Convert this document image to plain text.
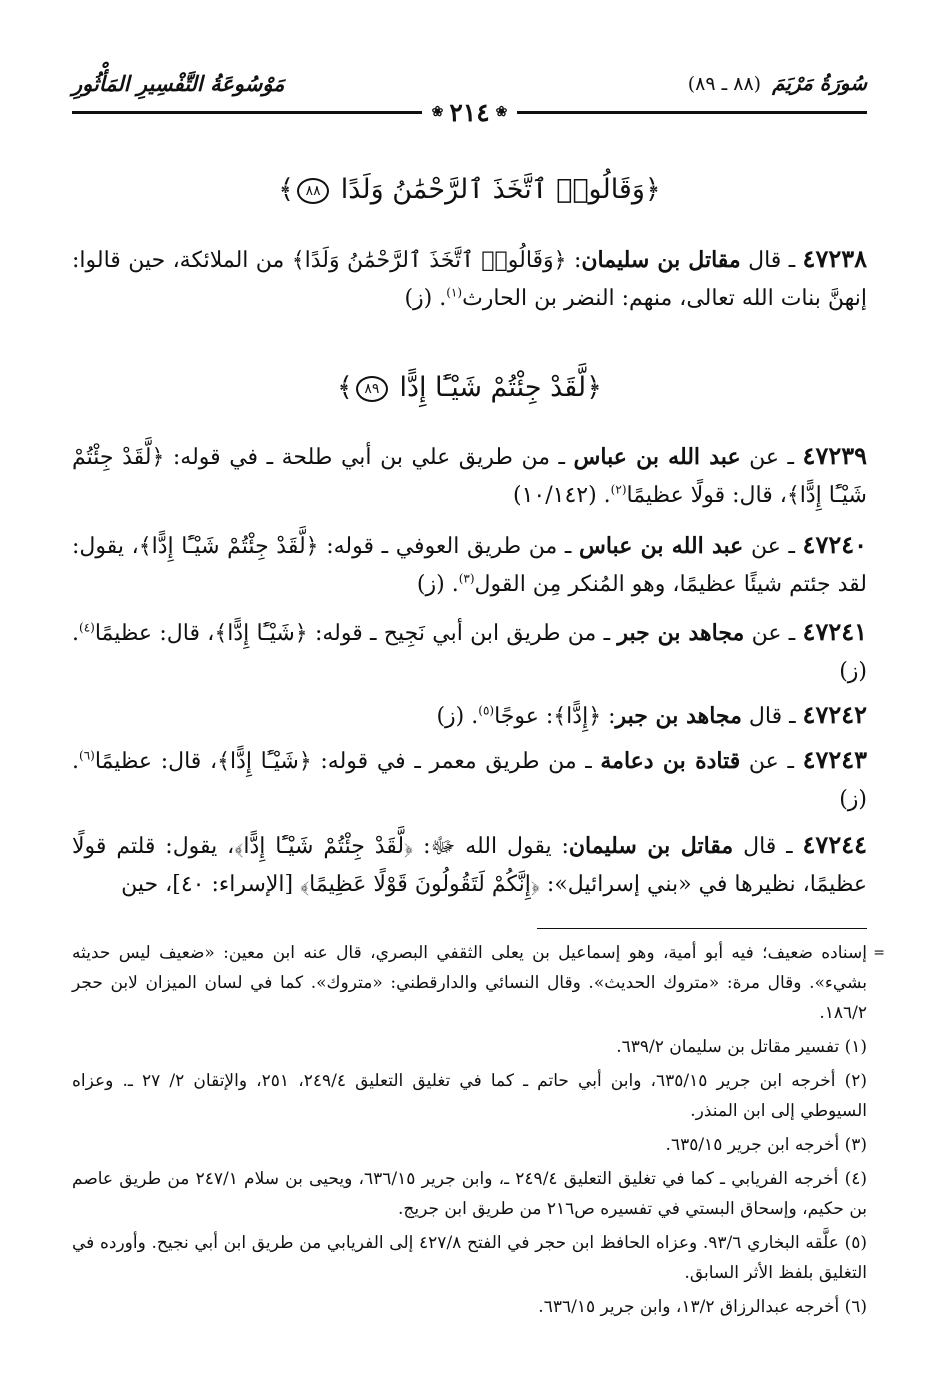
سُورَةُ مَرْيَمَ (٨٨ ـ ٨٩)
مَوْسُوعَةُ التَّفْسِيرِ المَأْثُورِ
❀
٢١٤
❀
﴿وَقَالُوا۟ ٱتَّخَذَ ٱلرَّحْمَٰنُ وَلَدًا ٨٨﴾
٤٧٢٣٨ ـ قال مقاتل بن سليمان: ﴿وَقَالُوا۟ ٱتَّخَذَ ٱلرَّحْمَٰنُ وَلَدًا﴾ من الملائكة، حين قالوا: إنهنَّ بنات الله تعالى، منهم: النضر بن الحارث$^{(١)}$. (ز)
﴿لَّقَدْ جِئْتُمْ شَيْـًٔا إِدًّا ٨٩﴾
٤٧٢٣٩ ـ عن عبد الله بن عباس ـ من طريق علي بن أبي طلحة ـ في قوله: ﴿لَّقَدْ جِئْتُمْ شَيْـًٔا إِدًّا﴾، قال: قولًا عظيمًا$^{(٢)}$. (١٠/١٤٢)
٤٧٢٤٠ ـ عن عبد الله بن عباس ـ من طريق العوفي ـ قوله: ﴿لَّقَدْ جِئْتُمْ شَيْـًٔا إِدًّا﴾، يقول: لقد جئتم شيئًا عظيمًا، وهو المُنكر مِن القول$^{(٣)}$. (ز)
٤٧٢٤١ ـ عن مجاهد بن جبر ـ من طريق ابن أبي نَجِيح ـ قوله: ﴿شَيْـًٔا إِدًّا﴾، قال: عظيمًا$^{(٤)}$. (ز)
٤٧٢٤٢ ـ قال مجاهد بن جبر: ﴿إِدًّا﴾: عوجًا$^{(٥)}$. (ز)
٤٧٢٤٣ ـ عن قتادة بن دعامة ـ من طريق معمر ـ في قوله: ﴿شَيْـًٔا إِدًّا﴾، قال: عظيمًا$^{(٦)}$. (ز)
٤٧٢٤٤ ـ قال مقاتل بن سليمان: يقول الله ﷻ: ﴿لَّقَدْ جِئْتُمْ شَيْـًٔا إِدًّا﴾، يقول: قلتم قولًا عظيمًا، نظيرها في «بني إسرائيل»: ﴿إِنَّكُمْ لَتَقُولُونَ قَوْلًا عَظِيمًا﴾ [الإسراء: ٤٠]، حين

=
إسناده ضعيف؛ فيه أبو أمية، وهو إسماعيل بن يعلى الثقفي البصري، قال عنه ابن معين: «ضعيف ليس حديثه بشيء». وقال مرة: «متروك الحديث». وقال النسائي والدارقطني: «متروك». كما في لسان الميزان لابن حجر ١٨٦/٢.

(١) تفسير مقاتل بن سليمان ٦٣٩/٢.

(٢) أخرجه ابن جرير ٦٣٥/١٥، وابن أبي حاتم ـ كما في تغليق التعليق ٢٤٩/٤، ٢٥١، والإتقان ٢/ ٢٧ ـ. وعزاه السيوطي إلى ابن المنذر.

(٣) أخرجه ابن جرير ٦٣٥/١٥.

(٤) أخرجه الفريابي ـ كما في تغليق التعليق ٢٤٩/٤ ـ، وابن جرير ٦٣٦/١٥، ويحيى بن سلام ٢٤٧/١ من طريق عاصم بن حكيم، وإسحاق البستي في تفسيره ص٢١٦ من طريق ابن جريج.

(٥) علَّقه البخاري ٩٣/٦. وعزاه الحافظ ابن حجر في الفتح ٤٢٧/٨ إلى الفريابي من طريق ابن أبي نجيح. وأورده في التغليق بلفظ الأثر السابق.

(٦) أخرجه عبدالرزاق ١٣/٢، وابن جرير ٦٣٦/١٥.
